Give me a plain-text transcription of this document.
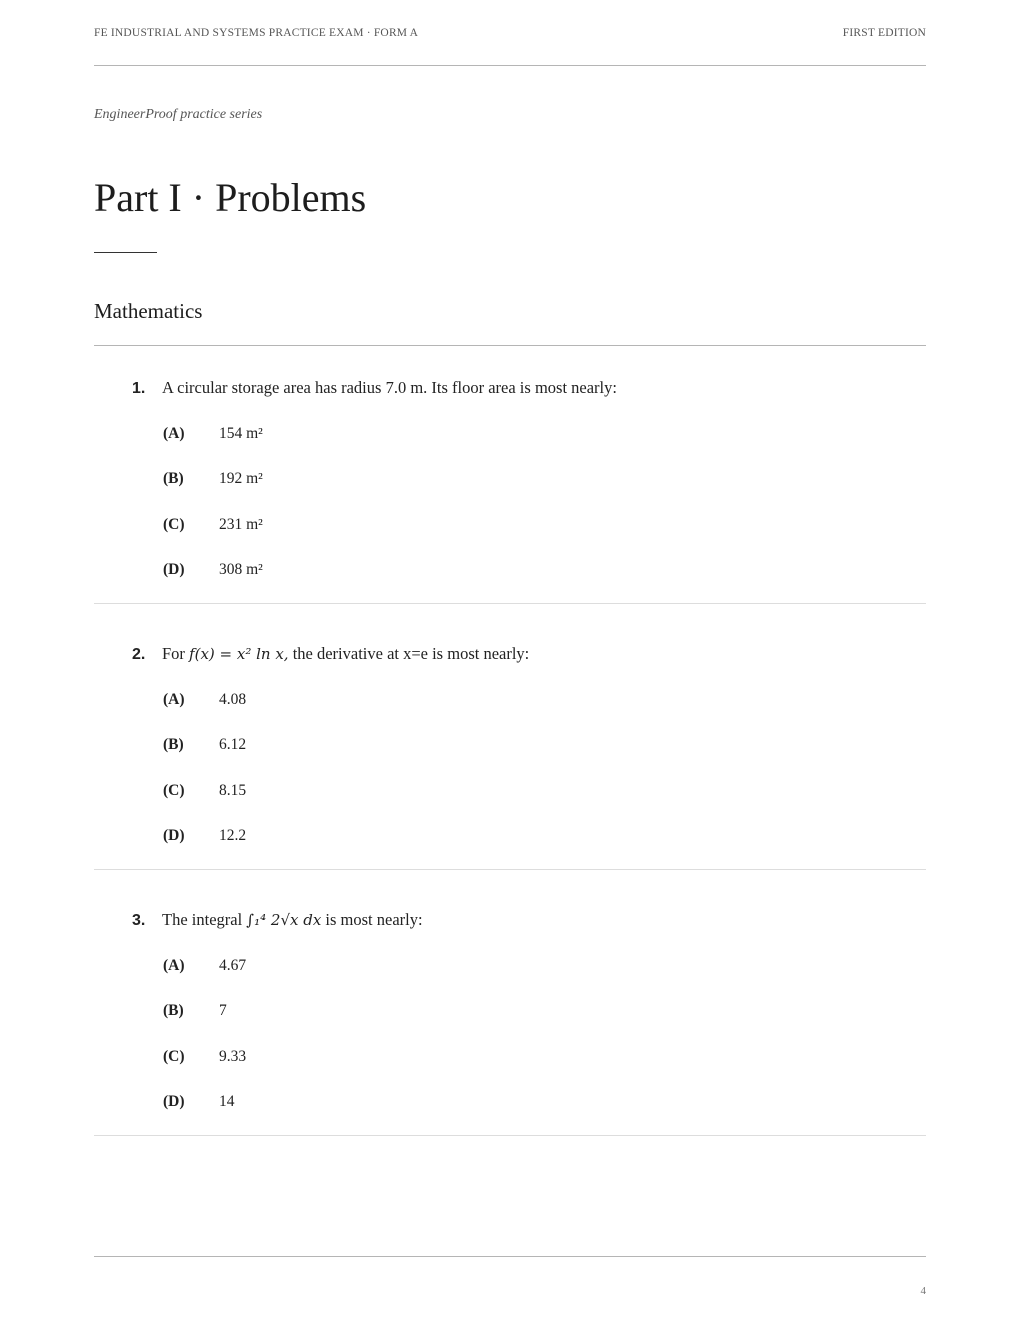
FE INDUSTRIAL AND SYSTEMS PRACTICE EXAM · FORM A	FIRST EDITION
EngineerProof practice series
Part I · Problems
Mathematics
1. A circular storage area has radius 7.0 m. Its floor area is most nearly:
(A) 154 m²
(B) 192 m²
(C) 231 m²
(D) 308 m²
2. For f(x) = x² ln x, the derivative at x=e is most nearly:
(A) 4.08
(B) 6.12
(C) 8.15
(D) 12.2
3. The integral ∫₁⁴ 2√x dx is most nearly:
(A) 4.67
(B) 7
(C) 9.33
(D) 14
4
